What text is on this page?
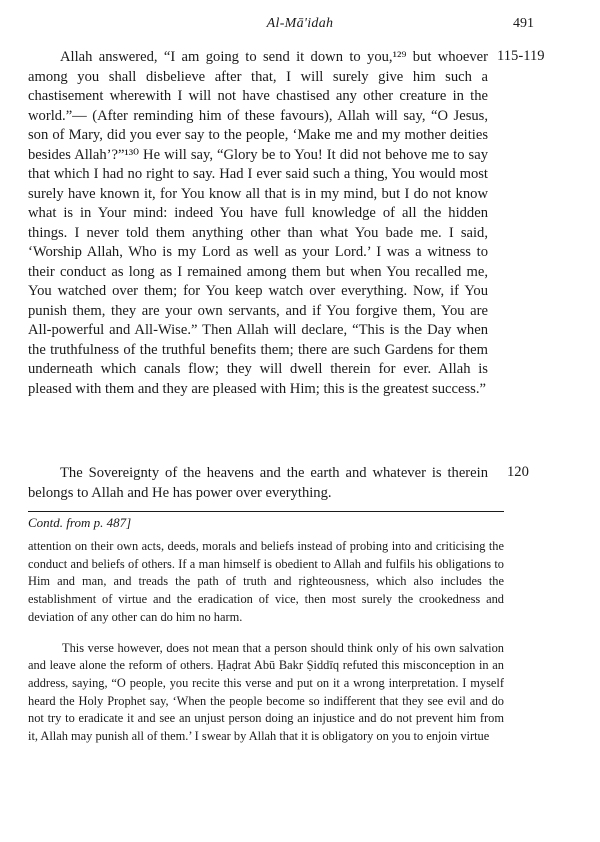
Al-Mā'idah	491

Allah answered, “I am going to send it down to you,¹²⁹ but whoever among you shall disbelieve after that, I will surely give him such a chastisement wherewith I will not have chastised any other creature in the world.”— (After reminding him of these favours), Allah will say, “O Jesus, son of Mary, did you ever say to the people, ‘Make me and my mother deities besides Allah’?”¹³⁰ He will say, “Glory be to You! It did not behove me to say that which I had no right to say. Had I ever said such a thing, You would most surely have known it, for You know all that is in my mind, but I do not know what is in Your mind: indeed You have full knowledge of all the hidden things. I never told them anything other than what You bade me. I said, ‘Worship Allah, Who is my Lord as well as your Lord.’ I was a witness to their conduct as long as I remained among them but when You recalled me, You watched over them; for You keep watch over everything. Now, if You punish them, they are your own servants, and if You forgive them, You are All-powerful and All-Wise.” Then Allah will declare, “This is the Day when the truthfulness of the truthful benefits them; there are such Gardens for them underneath which canals flow; they will dwell therein for ever. Allah is pleased with them and they are pleased with Him; this is the greatest success.”

115-119

The Sovereignty of the heavens and the earth and whatever is therein belongs to Allah and He has power over everything.

120
Contd. from p. 487]

attention on their own acts, deeds, morals and beliefs instead of probing into and criticising the conduct and beliefs of others. If a man himself is obedient to Allah and fulfils his obligations to Him and man, and treads the path of truth and righteousness, which also includes the establishment of virtue and the eradication of vice, then most surely the crookedness and deviation of any other can do him no harm.

This verse however, does not mean that a person should think only of his own salvation and leave alone the reform of others. Ḥaḍrat Abū Bakr Ṣiddīq refuted this misconception in an address, saying, “O people, you recite this verse and put on it a wrong interpretation. I myself heard the Holy Prophet say, ‘When the people become so indifferent that they see evil and do not try to eradicate it and see an unjust person doing an injustice and do not prevent him from it, Allah may punish all of them.’ I swear by Allah that it is obligatory on you to enjoin virtue
